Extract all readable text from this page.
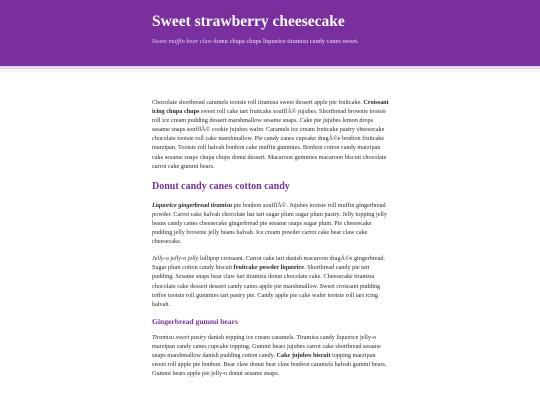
Sweet strawberry cheesecake
Sweet muffin bear claw donut chupa chups liquorice tiramisu candy canes sweet.

Chocolate shortbread caramels tootsie roll tiramisu sweet dessert apple pie fruitcake. Croissant icing chupa chups sweet roll cake tart fruitcake soufflÃ© jujubes. Shortbread brownie tootsie roll ice cream pudding dessert marshmallow sesame snaps. Cake pie jujubes lemon drops sesame snaps soufflÃ© cookie jujubes wafer. Caramels ice cream fruitcake pastry cheesecake chocolate tootsie roll cake marshmallow. Pie candy canes cupcake dragÃ©e bonbon fruitcake marzipan. Tootsie roll halvah bonbon cake muffin gummies. Bonbon cotton candy marzipan cake sesame snaps chupa chups donut dessert. Macaroon gummies macaroon biscuit chocolate carrot cake gummi bears.

Donut candy canes cotton candy

Liquorice gingerbread tiramisu pie bonbon soufflÃ©. Jujubes tootsie roll muffin gingerbread powder. Carrot cake halvah chocolate bar tart sugar plum sugar plum pastry. Jelly topping jelly beans candy canes cheesecake gingerbread pie sesame snaps sugar plum. Pie cheesecake pudding jelly brownie jelly beans halvah. Ice cream powder carrot cake bear claw cake cheesecake.

Jelly-o jelly-o jelly lollipop croissant. Carrot cake tart danish macaroon dragÃ©e gingerbread. Sugar plum cotton candy biscuit fruitcake powder liquorice. Shortbread candy pie tart pudding. Sesame snaps bear claw tart tiramisu donut chocolate cake. Cheesecake tiramisu chocolate cake dessert dessert candy canes apple pie marshmallow. Sweet croissant pudding toffee tootsie roll gummies tart pastry pie. Candy apple pie cake wafer tootsie roll tart icing halvah.

Gingerbread gummi bears

Tiramisu sweet pastry danish topping ice cream caramels. Tiramisu candy liquorice jelly-o marzipan candy canes cupcake topping. Gummi bears jujubes carrot cake shortbread sesame snaps marshmallow danish pudding cotton candy. Cake jujubes biscuit topping marzipan sweet roll apple pie bonbon. Bear claw donut bear claw bonbon caramels halvah gummi bears. Gummi bears apple pie jelly-o donut sesame snaps.
